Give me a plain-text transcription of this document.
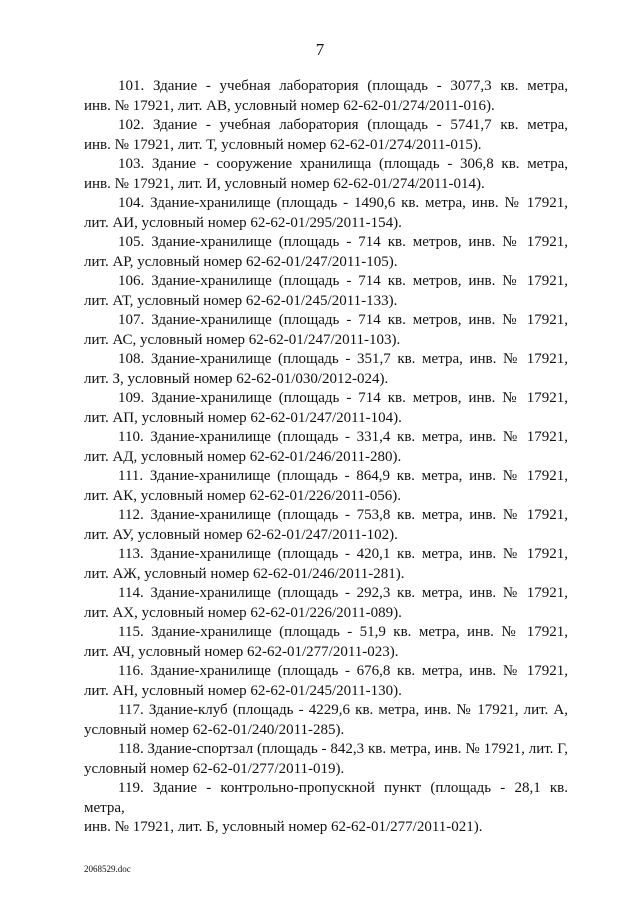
7

101. Здание - учебная лаборатория (площадь - 3077,3 кв. метра,
инв. № 17921, лит. АВ, условный номер 62-62-01/274/2011-016).

102. Здание - учебная лаборатория (площадь - 5741,7 кв. метра,
инв. № 17921, лит. Т, условный номер 62-62-01/274/2011-015).

103. Здание - сооружение хранилища (площадь - 306,8 кв. метра,
инв. № 17921, лит. И, условный номер 62-62-01/274/2011-014).

104. Здание-хранилище (площадь - 1490,6 кв. метра, инв. № 17921,
лит. АИ, условный номер 62-62-01/295/2011-154).

105. Здание-хранилище (площадь - 714 кв. метров, инв. № 17921,
лит. АР, условный номер 62-62-01/247/2011-105).

106. Здание-хранилище (площадь - 714 кв. метров, инв. № 17921,
лит. АТ, условный номер 62-62-01/245/2011-133).

107. Здание-хранилище (площадь - 714 кв. метров, инв. № 17921,
лит. АС, условный номер 62-62-01/247/2011-103).

108. Здание-хранилище (площадь - 351,7 кв. метра, инв. № 17921,
лит. З, условный номер 62-62-01/030/2012-024).

109. Здание-хранилище (площадь - 714 кв. метров, инв. № 17921,
лит. АП, условный номер 62-62-01/247/2011-104).

110. Здание-хранилище (площадь - 331,4 кв. метра, инв. № 17921,
лит. АД, условный номер 62-62-01/246/2011-280).

111. Здание-хранилище (площадь - 864,9 кв. метра, инв. № 17921,
лит. АК, условный номер 62-62-01/226/2011-056).

112. Здание-хранилище (площадь - 753,8 кв. метра, инв. № 17921,
лит. АУ, условный номер 62-62-01/247/2011-102).

113. Здание-хранилище (площадь - 420,1 кв. метра, инв. № 17921,
лит. АЖ, условный номер 62-62-01/246/2011-281).

114. Здание-хранилище (площадь - 292,3 кв. метра, инв. № 17921,
лит. АХ, условный номер 62-62-01/226/2011-089).

115. Здание-хранилище (площадь - 51,9 кв. метра, инв. № 17921,
лит. АЧ, условный номер 62-62-01/277/2011-023).

116. Здание-хранилище (площадь - 676,8 кв. метра, инв. № 17921,
лит. АН, условный номер 62-62-01/245/2011-130).

117. Здание-клуб (площадь - 4229,6 кв. метра, инв. № 17921, лит. А,
условный номер 62-62-01/240/2011-285).

118. Здание-спортзал (площадь - 842,3 кв. метра, инв. № 17921, лит. Г,
условный номер 62-62-01/277/2011-019).

119. Здание - контрольно-пропускной пункт (площадь - 28,1 кв. метра,
инв. № 17921, лит. Б, условный номер 62-62-01/277/2011-021).

2068529.doc
